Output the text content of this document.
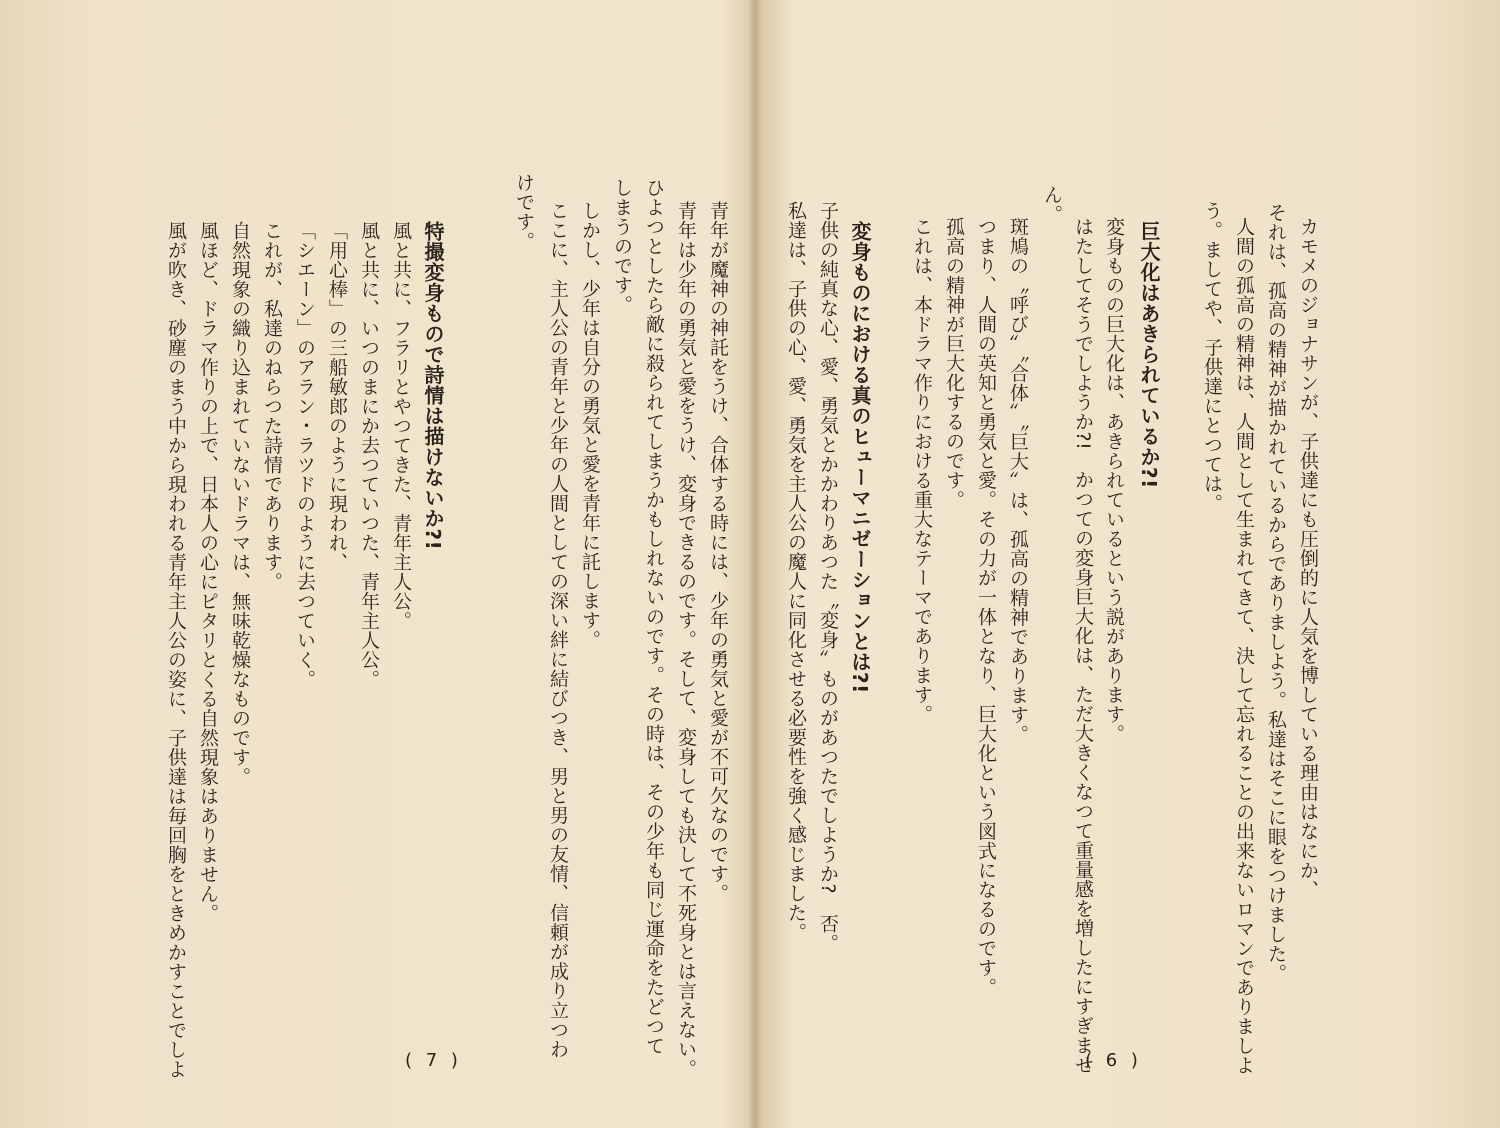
カモメのジョナサンが、子供達にも圧倒的に人気を博している理由はなにか、
それは、孤高の精神が描かれているからでありましよう。私達はそこに眼をつけました。
人間の孤高の精神は、人間として生まれてきて、決して忘れることの出来ないロマンでありましよ
う。ましてや、子供達にとつては。
巨大化はあきられているか?!
変身ものの巨大化は、あきられているという説があります。
はたしてそうでしようか?!　かつての変身巨大化は、ただ大きくなつて重量感を増したにすぎませ
ん。
斑鳩の〝呼び〟〝合体〟〝巨大〟は、孤高の精神であります。
つまり、人間の英知と勇気と愛。その力が一体となり、巨大化という図式になるのです。
孤高の精神が巨大化するのです。
これは、本ドラマ作りにおける重大なテーマであります。
変身ものにおける真のヒューマニゼーションとは?!
子供の純真な心、愛、勇気とかかわりあつた〝変身〟ものがあつたでしようか?　否。
私達は、子供の心、愛、勇気を主人公の魔人に同化させる必要性を強く感じました。
( 6 )
けです。 ここに、主人公の青年と少年の人間としての深い絆に結びつき、男と男の友情、信頼が成り立つわ しかし、少年は自分の勇気と愛を青年に託します。 しまうのです。 ひよつとしたら敵に殺られてしまうかもしれないのです。その時は、その少年も同じ運命をたどつて 青年は少年の勇気と愛をうけ、変身できるのです。そして、変身しても決して不死身とは言えない。 青年が魔神の神託をうけ、合体する時には、少年の勇気と愛が不可欠なのです。
特撮変身もので詩情は描けないか?!
風と共に、フラリとやつてきた、青年主人公。
風と共に、いつのまにか去つていつた、青年主人公。
「用心棒」の三船敏郎のように現われ、
「シエーン」のアラン・ラツドのように去つていく。
これが、私達のねらつた詩情であります。
自然現象の織り込まれていないドラマは、無味乾燥なものです。
風ほど、ドラマ作りの上で、日本人の心にピタリとくる自然現象はありません。
風が吹き、砂塵のまう中から現われる青年主人公の姿に、子供達は毎回胸をときめかすことでしよ	( 7 )
